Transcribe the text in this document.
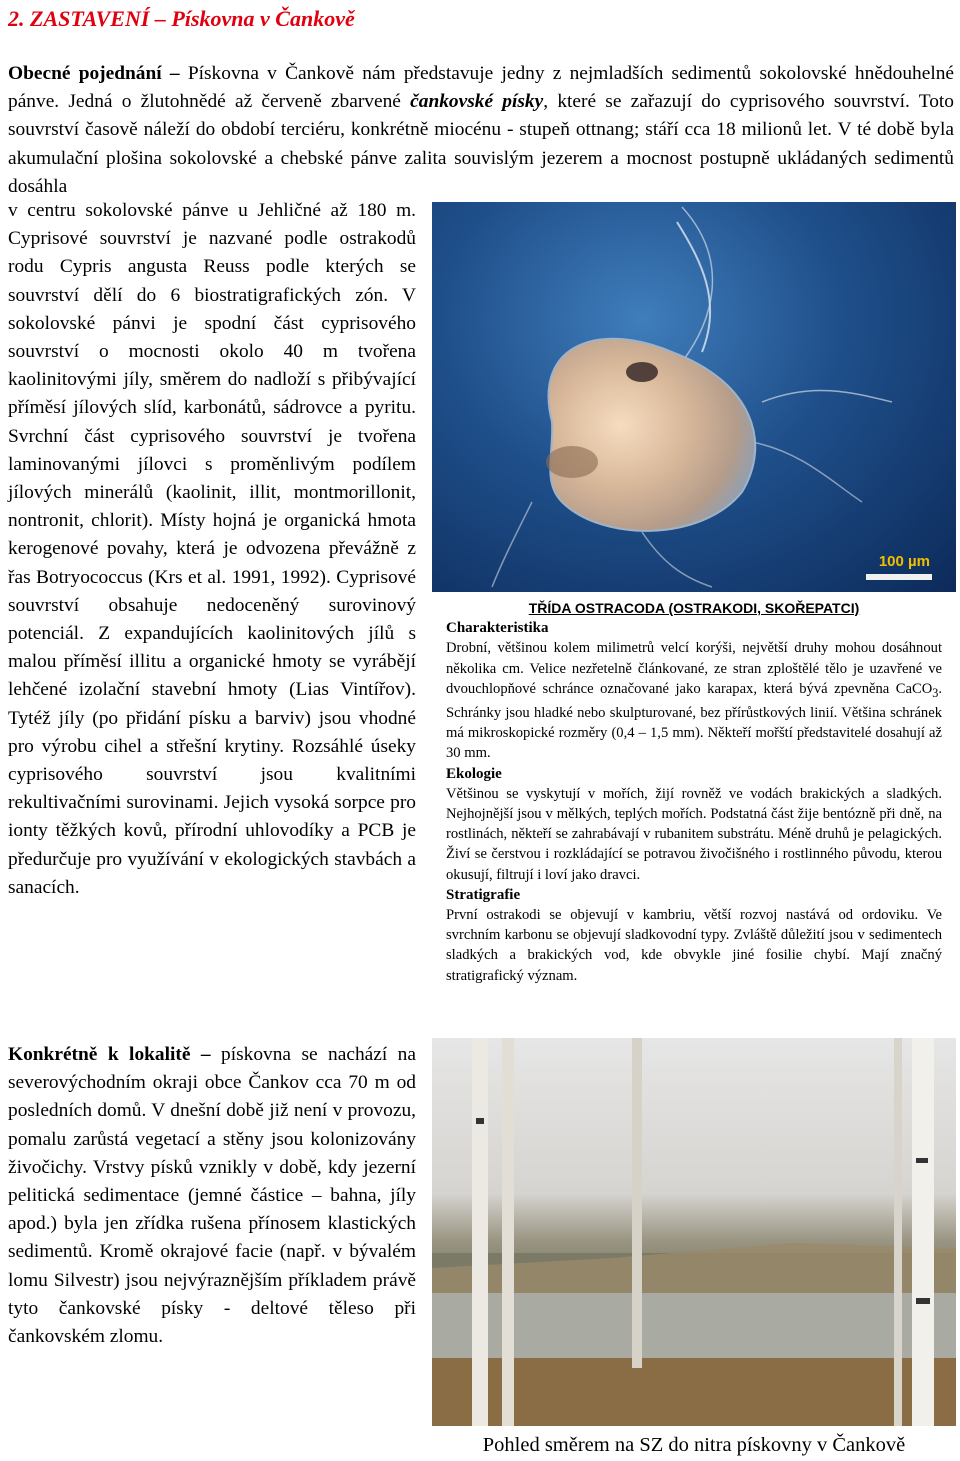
2. ZASTAVENÍ – Pískovna v Čankově

Obecné pojednání – Pískovna v Čankově nám představuje jedny z nejmladších sedimentů sokolovské hnědouhelné pánve. Jedná o žlutohnědé až červeně zbarvené čankovské písky, které se zařazují do cyprisového souvrství. Toto souvrství časově náleží do období terciéru, konkrétně miocénu - stupeň ottnang; stáří cca 18 milionů let. V té době byla akumulační plošina sokolovské a chebské pánve zalita souvislým jezerem a mocnost postupně ukládaných sedimentů dosáhla

v centru sokolovské pánve u Jehličné až 180 m. Cyprisové souvrství je nazvané podle ostrakodů rodu Cypris angusta Reuss podle kterých se souvrství dělí do 6 biostratigrafických zón. V sokolovské pánvi je spodní část cyprisového souvrství o mocnosti okolo 40 m tvořena kaolinitovými jíly, směrem do nadloží s přibývající příměsí jílových slíd, karbonátů, sádrovce a pyritu. Svrchní část cyprisového souvrství je tvořena laminovanými jílovci s proměnlivým podílem jílových minerálů (kaolinit, illit, montmorillonit, nontronit, chlorit). Místy hojná je organická hmota kerogenové povahy, která je odvozena převážně z řas Botryococcus (Krs et al. 1991, 1992). Cyprisové souvrství obsahuje nedoceněný surovinový potenciál. Z expandujících kaolinitových jílů s malou příměsí illitu a organické hmoty se vyrábějí lehčené izolační stavební hmoty (Lias Vintířov). Tytéž jíly (po přidání písku a barviv) jsou vhodné pro výrobu cihel a střešní krytiny. Rozsáhlé úseky cyprisového souvrství jsou kvalitními rekultivačními surovinami. Jejich vysoká sorpce pro ionty těžkých kovů, přírodní uhlovodíky a PCB je předurčuje pro využívání v ekologických stavbách a sanacích.

100 µm

TŘÍDA OSTRACODA (OSTRAKODI, SKOŘEPATCI)

Charakteristika

Drobní, většinou kolem milimetrů velcí korýši, největší druhy mohou dosáhnout několika cm. Velice nezřetelně článkované, ze stran zploštělé tělo je uzavřené ve dvouchlopňové schránce označované jako karapax, která bývá zpevněna CaCO$_3$. Schránky jsou hladké nebo skulpturované, bez přírůstkových linií. Většina schránek má mikroskopické rozměry (0,4 – 1,5 mm). Někteří mořští představitelé dosahují až 30 mm.

Ekologie

Většinou se vyskytují v mořích, žijí rovněž ve vodách brakických a sladkých. Nejhojnější jsou v mělkých, teplých mořích. Podstatná část žije bentózně při dně, na rostlinách, někteří se zahrabávají v rubanitem substrátu. Méně druhů je pelagických. Živí se čerstvou i rozkládající se potravou živočišného i rostlinného původu, kterou okusují, filtrují i loví jako dravci.

Stratigrafie

První ostrakodi se objevují v kambriu, větší rozvoj nastává od ordoviku. Ve svrchním karbonu se objevují sladkovodní typy. Zvláště důležití jsou v sedimentech sladkých a brakických vod, kde obvykle jiné fosilie chybí. Mají značný stratigrafický význam.

Konkrétně k lokalitě – pískovna se nachází na severovýchodním okraji obce Čankov cca 70 m od posledních domů. V dnešní době již není v provozu, pomalu zarůstá vegetací a stěny jsou kolonizovány živočichy. Vrstvy písků vznikly v době, kdy jezerní pelitická sedimentace (jemné částice – bahna, jíly apod.) byla jen zřídka rušena přínosem klastických sedimentů. Kromě okrajové facie (např. v bývalém lomu Silvestr) jsou nejvýraznějším příkladem právě tyto čankovské písky - deltové těleso při čankovském zlomu.

Pohled směrem na SZ do nitra pískovny v Čankově
